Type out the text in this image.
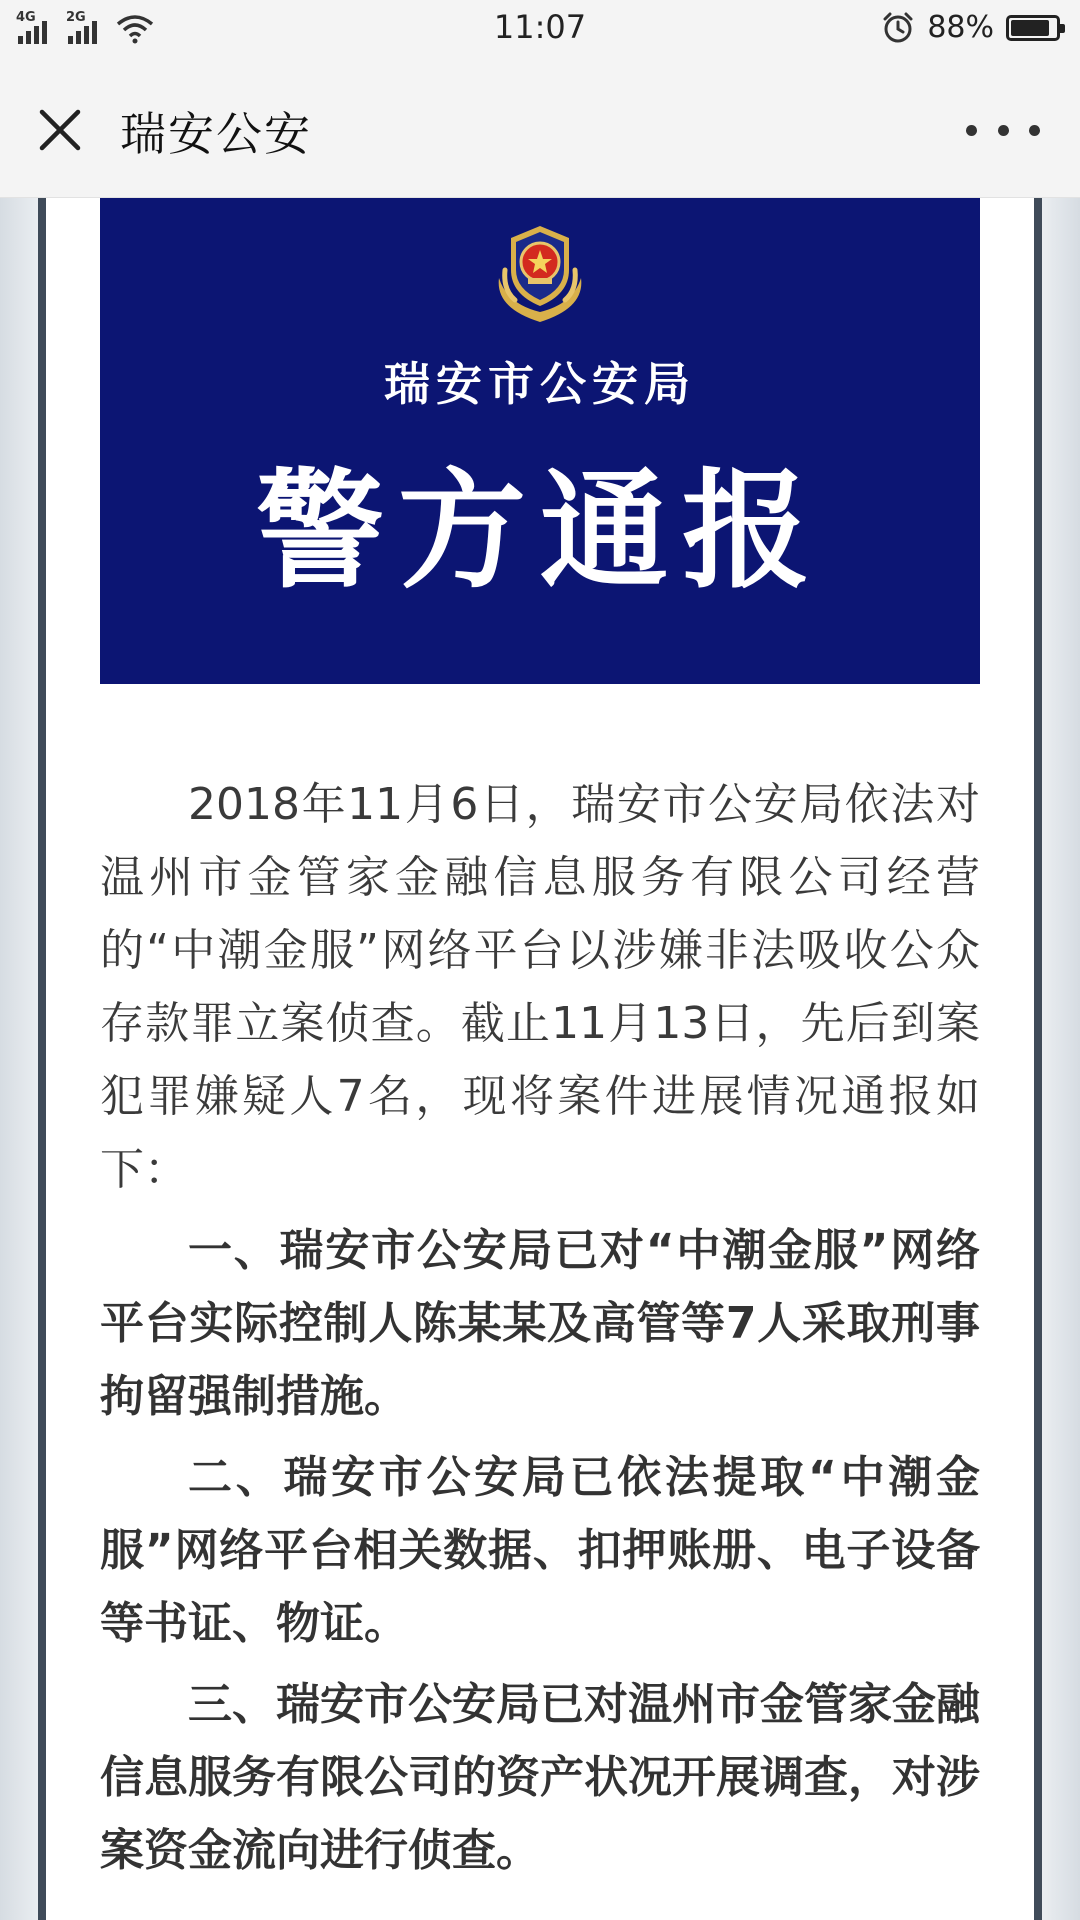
4G 2G	11:07	88%
瑞安公安
瑞安市公安局
警方通报

2018年11月6日，瑞安市公安局依法对温州市金管家金融信息服务有限公司经营的“中潮金服”网络平台以涉嫌非法吸收公众存款罪立案侦查。截止11月13日，先后到案犯罪嫌疑人7名，现将案件进展情况通报如下：

一、瑞安市公安局已对“中潮金服”网络平台实际控制人陈某某及高管等7人采取刑事拘留强制措施。

二、瑞安市公安局已依法提取“中潮金服”网络平台相关数据、扣押账册、电子设备等书证、物证。

三、瑞安市公安局已对温州市金管家金融信息服务有限公司的资产状况开展调查，对涉案资金流向进行侦查。
